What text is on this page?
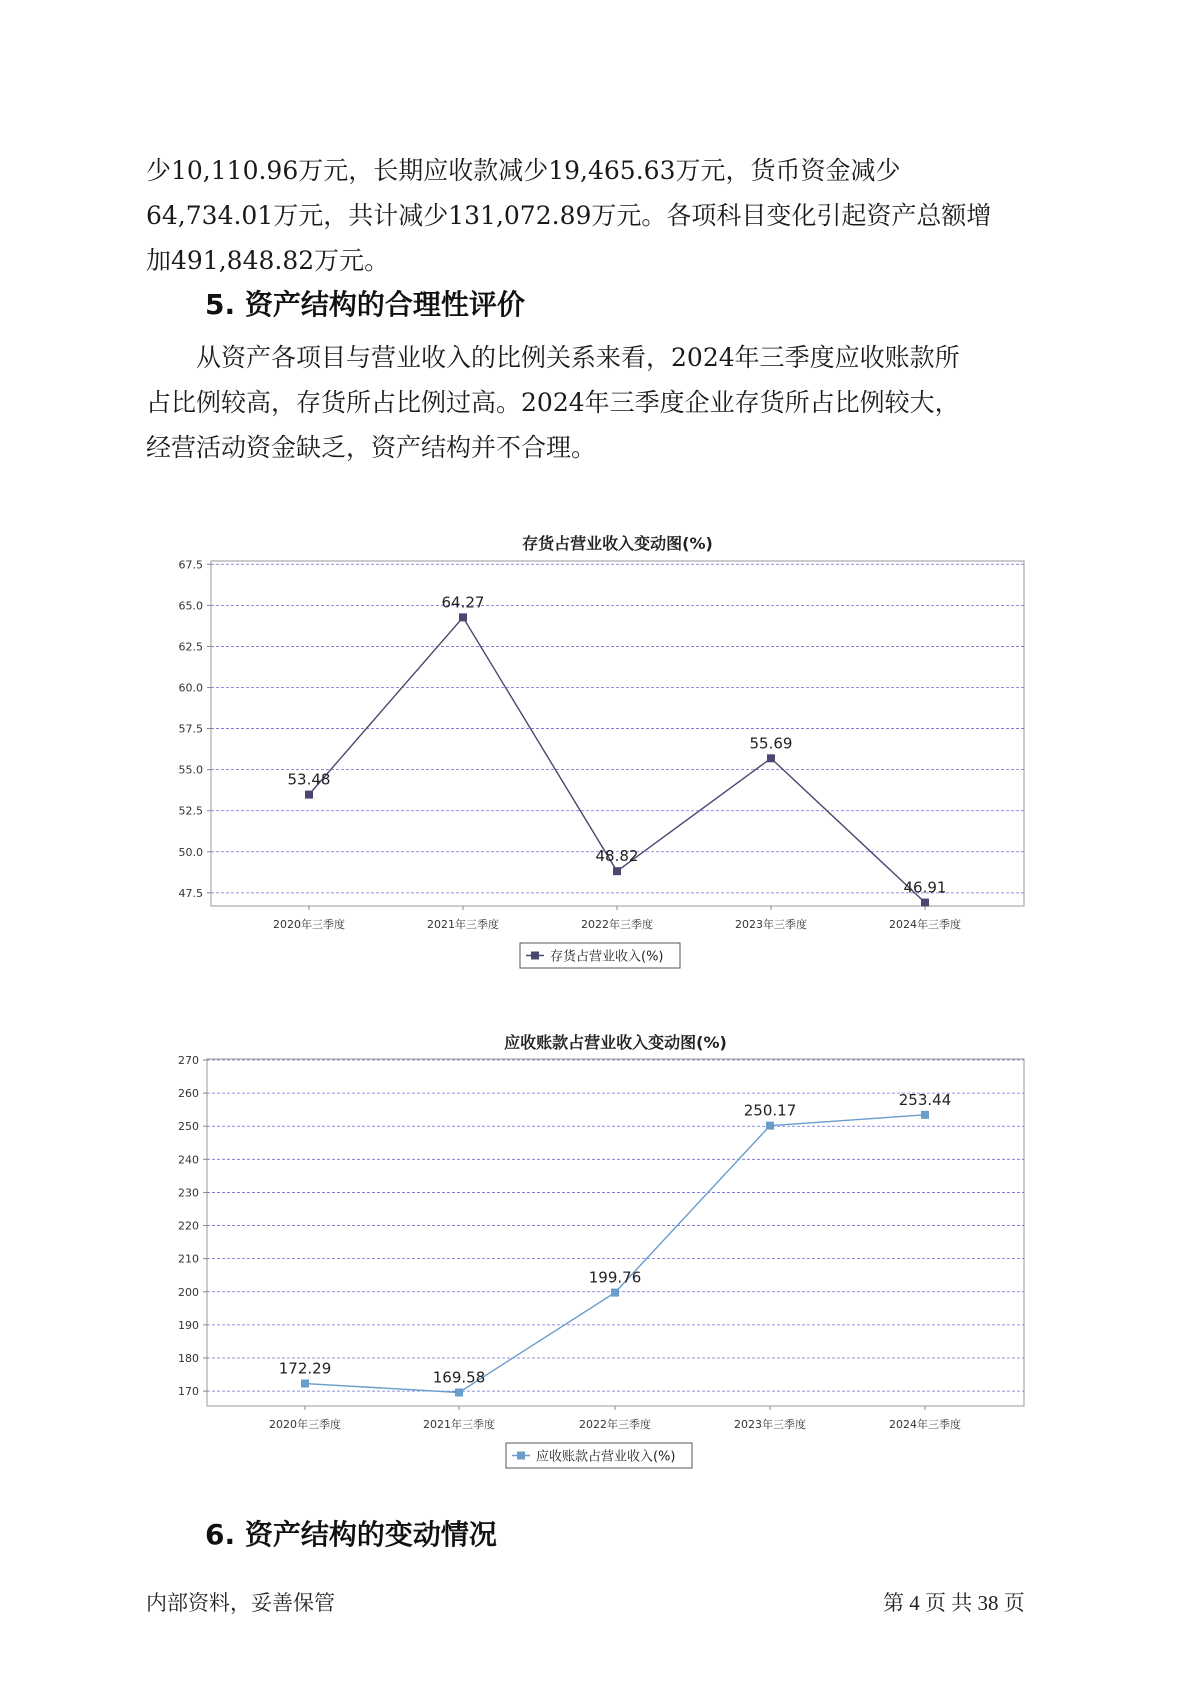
少10,110.96万元，长期应收款减少19,465.63万元，货币资金减少
64,734.01万元，共计减少131,072.89万元。各项科目变化引起资产总额增
加491,848.82万元。
5. 资产结构的合理性评价
从资产各项目与营业收入的比例关系来看，2024年三季度应收账款所
占比例较高，存货所占比例过高。2024年三季度企业存货所占比例较大，
经营活动资金缺乏，资产结构并不合理。
存货占营业收入变动图(%)
47.5
50.0
52.5
55.0
57.5
60.0
62.5
65.0
67.5
2020年三季度	2021年三季度	2022年三季度	2023年三季度	2024年三季度
53.48
64.27
48.82
55.69
46.91
存货占营业收入(%)
应收账款占营业收入变动图(%)
170
180
190
200
210
220
230
240
250
260
270
2020年三季度	2021年三季度	2022年三季度	2023年三季度	2024年三季度
172.29	169.58
199.76
250.17
253.44
应收账款占营业收入(%)
6. 资产结构的变动情况
内部资料，妥善保管	第 4 页 共 38 页
